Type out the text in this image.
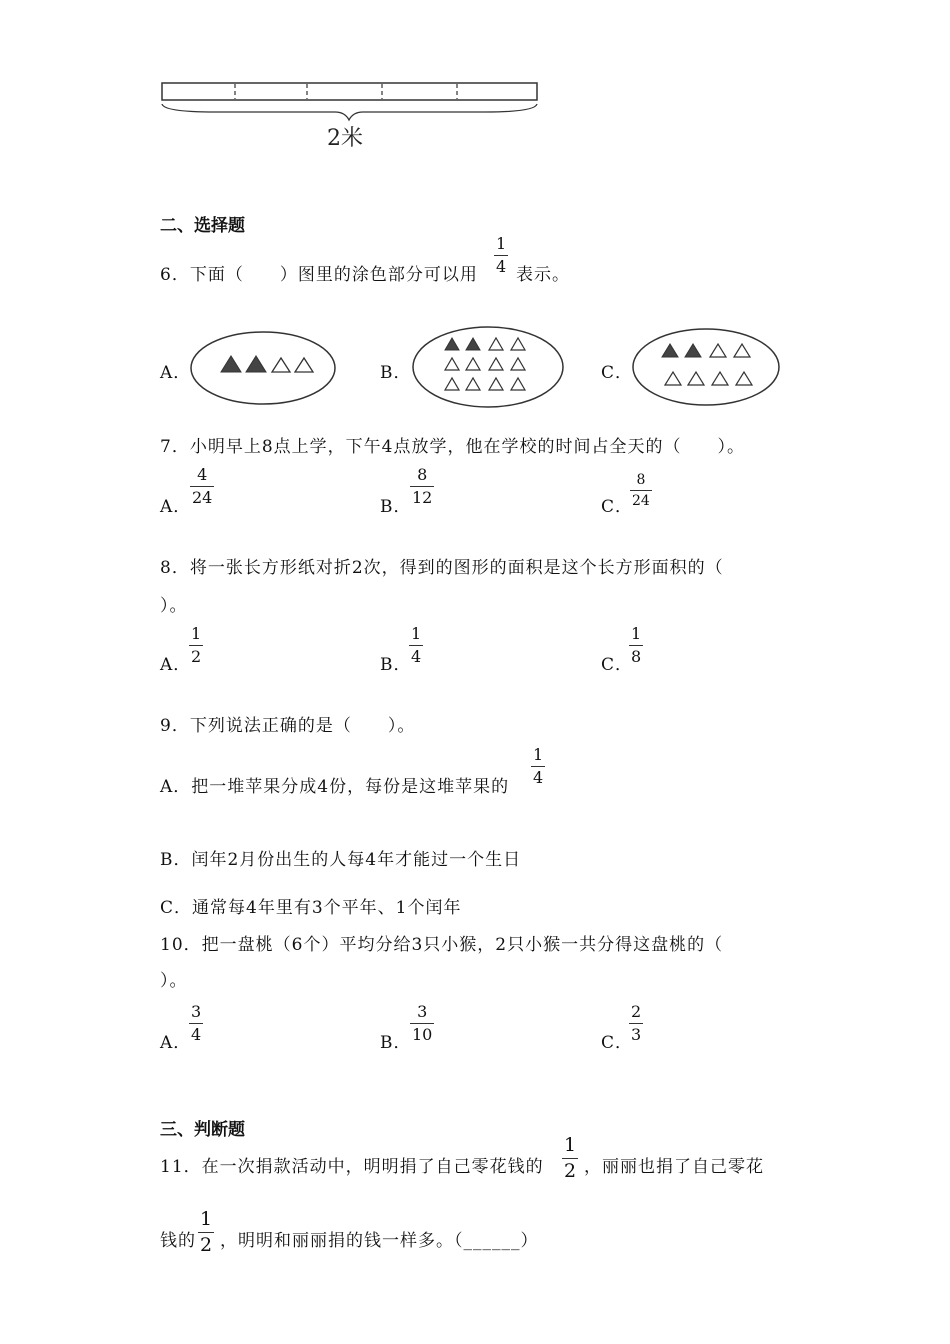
2米
二、选择题
6．下面（　　）图里的涂色部分可以用 $\frac{1}{4}$ 表示。
A．	B．	C．
7．小明早上8点上学，下午4点放学，他在学校的时间占全天的（　　）。
A．
$\frac{4}{24}$
B．
$\frac{8}{12}$
C．
$\frac{8}{24}$
8．将一张长方形纸对折2次，得到的图形的面积是这个长方形面积的（
）。
A．
$\frac{1}{2}$	B．
$\frac{1}{4}$	C．
$\frac{1}{8}$
9．下列说法正确的是（　　）。
A．把一堆苹果分成4份，每份是这堆苹果的
$\frac{1}{4}$
B．闰年2月份出生的人每4年才能过一个生日
C．通常每4年里有3个平年、1个闰年
10．把一盘桃（6个）平均分给3只小猴，2只小猴一共分得这盘桃的（
）。
A．
$\frac{3}{4}$	B．
$\frac{3}{10}$	C．
$\frac{2}{3}$
三、判断题
11．在一次捐款活动中，明明捐了自己零花钱的 $\frac{1}{2}$ ，丽丽也捐了自己零花
钱的 $\frac{1}{2}$ ，明明和丽丽捐的钱一样多。（______）
